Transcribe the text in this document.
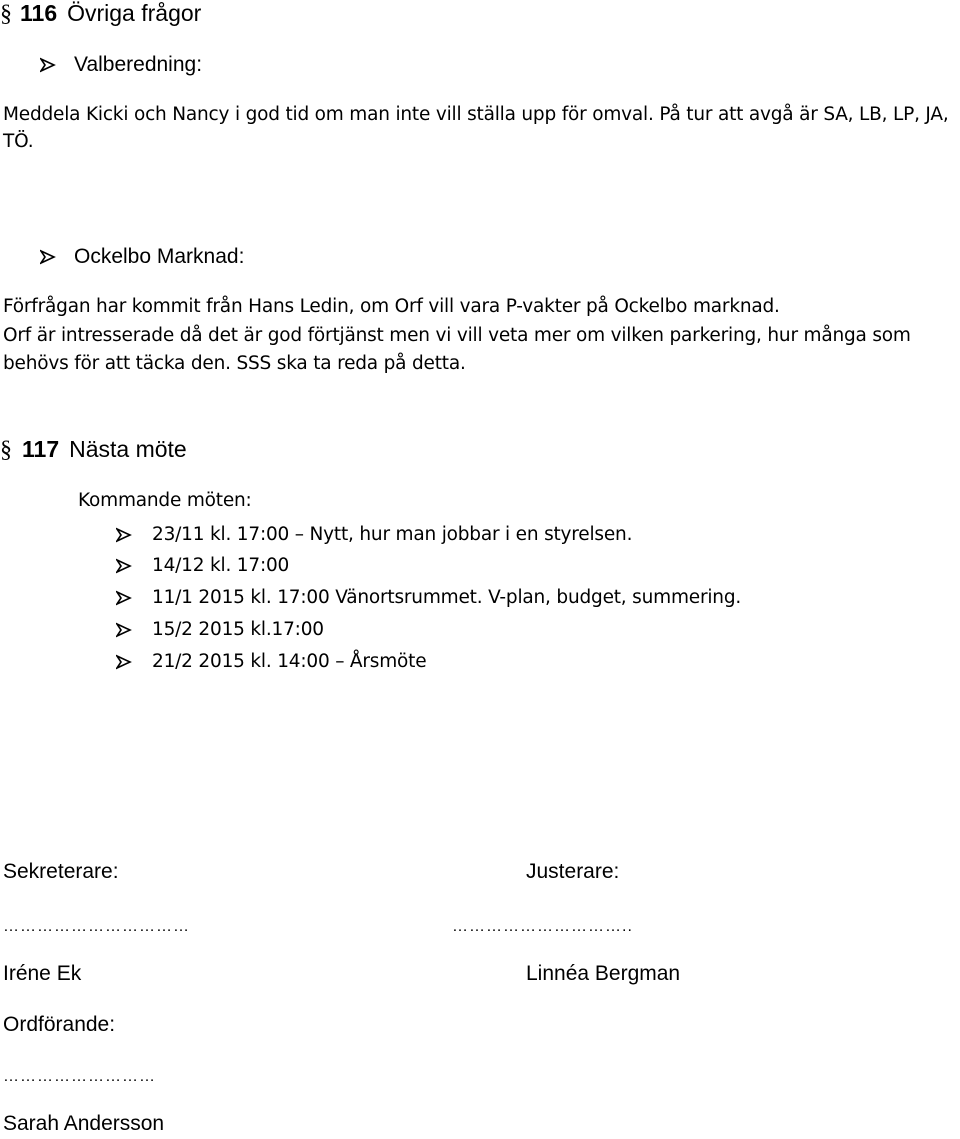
§ 116 Övriga frågor
Valberedning:
Meddela Kicki och Nancy i god tid om man inte vill ställa upp för omval. På tur att avgå är SA, LB, LP, JA,
TÖ.
Ockelbo Marknad:
Förfrågan har kommit från Hans Ledin, om Orf vill vara P-vakter på Ockelbo marknad.
Orf är intresserade då det är god förtjänst men vi vill veta mer om vilken parkering, hur många som
behövs för att täcka den. SSS ska ta reda på detta.
§ 117 Nästa möte
Kommande möten:
23/11 kl. 17:00 – Nytt, hur man jobbar i en styrelsen.
14/12 kl. 17:00
11/1 2015 kl. 17:00 Vänortsrummet. V-plan, budget, summering.
15/2 2015 kl.17:00
21/2 2015 kl. 14:00 – Årsmöte
Sekreterare:
……………………………
Iréne Ek
Justerare:
…………………………..
Linnéa Bergman
Ordförande:
………………………
Sarah Andersson
